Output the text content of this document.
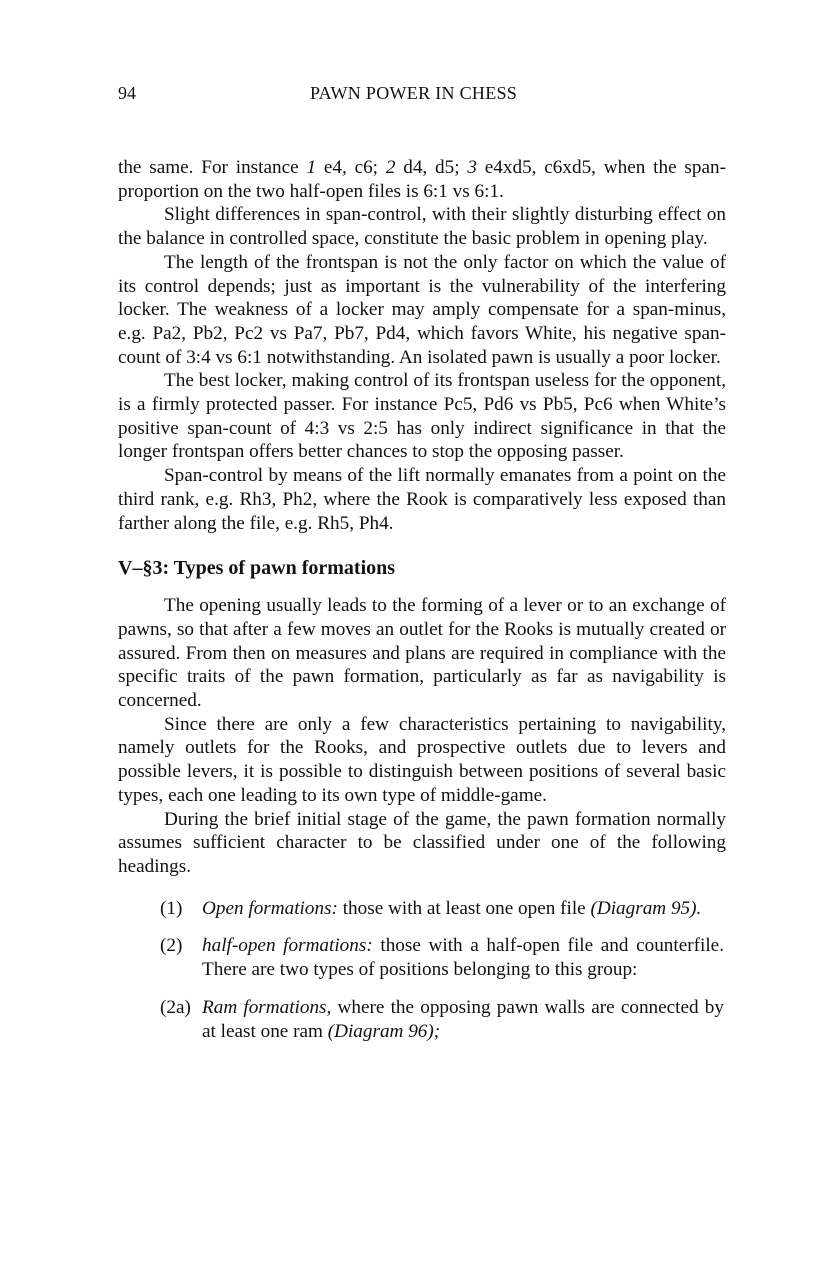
94	PAWN POWER IN CHESS

the same. For instance 1 e4, c6; 2 d4, d5; 3 e4xd5, c6xd5, when the span-proportion on the two half-open files is 6:1 vs 6:1.

Slight differences in span-control, with their slightly disturbing effect on the balance in controlled space, constitute the basic problem in opening play.

The length of the frontspan is not the only factor on which the value of its control depends; just as important is the vulnerability of the interfering locker. The weakness of a locker may amply compensate for a span-minus, e.g. Pa2, Pb2, Pc2 vs Pa7, Pb7, Pd4, which favors White, his negative span-count of 3:4 vs 6:1 notwithstanding. An isolated pawn is usually a poor locker.

The best locker, making control of its frontspan useless for the opponent, is a firmly protected passer. For instance Pc5, Pd6 vs Pb5, Pc6 when White’s positive span-count of 4:3 vs 2:5 has only indirect significance in that the longer frontspan offers better chances to stop the opposing passer.

Span-control by means of the lift normally emanates from a point on the third rank, e.g. Rh3, Ph2, where the Rook is comparatively less exposed than farther along the file, e.g. Rh5, Ph4.

V–§3: Types of pawn formations

The opening usually leads to the forming of a lever or to an exchange of pawns, so that after a few moves an outlet for the Rooks is mutually created or assured. From then on measures and plans are required in compliance with the specific traits of the pawn formation, particularly as far as navigability is concerned.

Since there are only a few characteristics pertaining to navigability, namely outlets for the Rooks, and prospective outlets due to levers and possible levers, it is possible to distinguish between positions of several basic types, each one leading to its own type of middle-game.

During the brief initial stage of the game, the pawn formation normally assumes sufficient character to be classified under one of the following headings.

(1) Open formations: those with at least one open file (Diagram 95).
(2) half-open formations: those with a half-open file and counterfile. There are two types of positions belonging to this group:
(2a) Ram formations, where the opposing pawn walls are connected by at least one ram (Diagram 96);
